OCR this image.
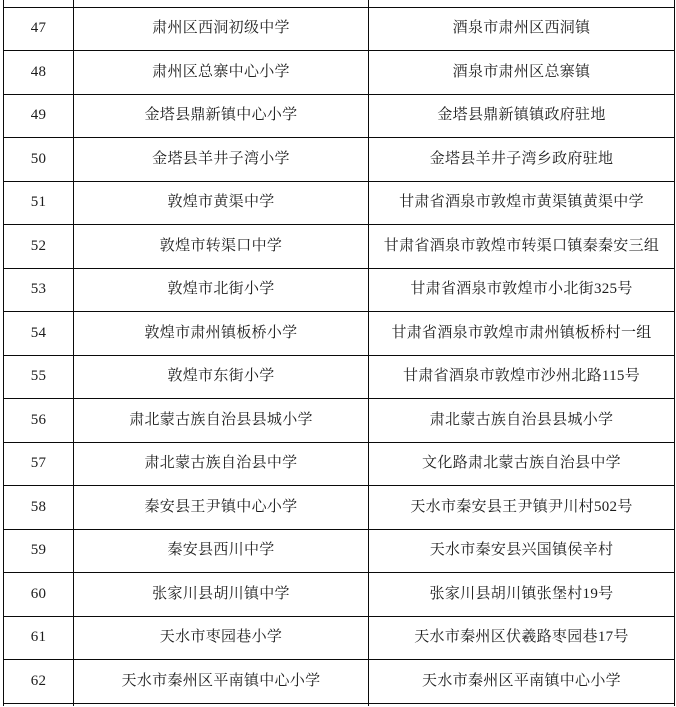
47	肃州区西洞初级中学	酒泉市肃州区西洞镇
48	肃州区总寨中心小学	酒泉市肃州区总寨镇
49	金塔县鼎新镇中心小学	金塔县鼎新镇镇政府驻地
50	金塔县羊井子湾小学	金塔县羊井子湾乡政府驻地
51	敦煌市黄渠中学	甘肃省酒泉市敦煌市黄渠镇黄渠中学
52	敦煌市转渠口中学	甘肃省酒泉市敦煌市转渠口镇秦秦安三组
53	敦煌市北街小学	甘肃省酒泉市敦煌市小北街325号
54	敦煌市肃州镇板桥小学	甘肃省酒泉市敦煌市肃州镇板桥村一组
55	敦煌市东街小学	甘肃省酒泉市敦煌市沙州北路115号
56	肃北蒙古族自治县县城小学	肃北蒙古族自治县县城小学
57	肃北蒙古族自治县中学	文化路肃北蒙古族自治县中学
58	秦安县王尹镇中心小学	天水市秦安县王尹镇尹川村502号
59	秦安县西川中学	天水市秦安县兴国镇侯辛村
60	张家川县胡川镇中学	张家川县胡川镇张堡村19号
61	天水市枣园巷小学	天水市秦州区伏羲路枣园巷17号
62	天水市秦州区平南镇中心小学	天水市秦州区平南镇中心小学
